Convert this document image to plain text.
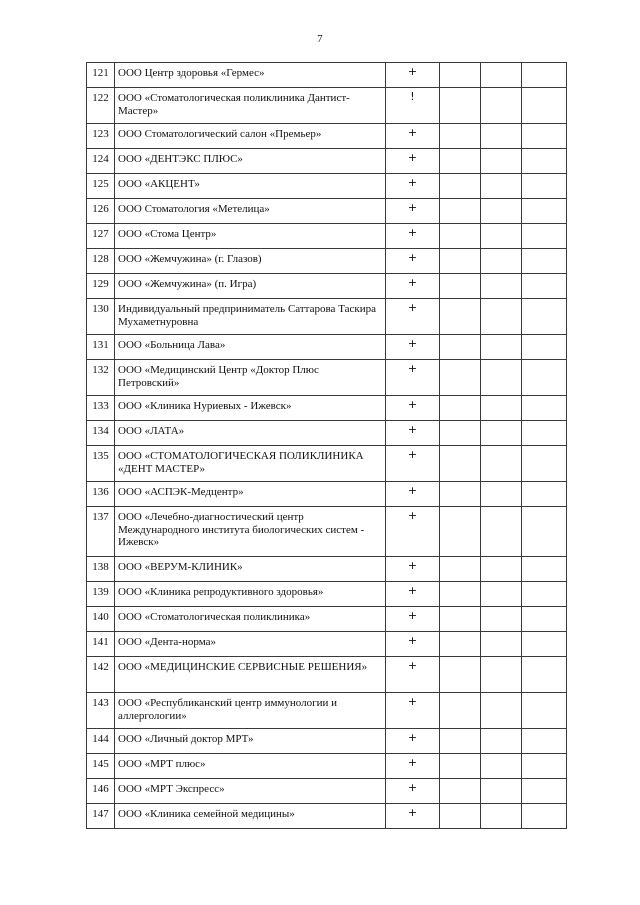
7
121	ООО Центр здоровья «Гермес»	+			
122	ООО «Стоматологическая поликлиника Дантист-Мастер»	!			
123	ООО Стоматологический салон «Премьер»	+			
124	ООО «ДЕНТЭКС ПЛЮС»	+			
125	ООО «АКЦЕНТ»	+			
126	ООО Стоматология «Метелица»	+			
127	ООО «Стома Центр»	+			
128	ООО «Жемчужина» (г. Глазов)	+			
129	ООО «Жемчужина» (п. Игра)	+			
130	Индивидуальный предприниматель Саттарова Таскира Мухаметнуровна	+			
131	ООО «Больница Лава»	+			
132	ООО «Медицинский Центр «Доктор Плюс Петровский»	+			
133	ООО «Клиника Нуриевых - Ижевск»	+			
134	ООО «ЛАТА»	+			
135	ООО «СТОМАТОЛОГИЧЕСКАЯ ПОЛИКЛИНИКА «ДЕНТ МАСТЕР»	+			
136	ООО «АСПЭК-Медцентр»	+			
137	ООО «Лечебно-диагностический центр Международного института биологических систем - Ижевск»	+			
138	ООО «ВЕРУМ-КЛИНИК»	+			
139	ООО «Клиника репродуктивного здоровья»	+			
140	ООО «Стоматологическая поликлиника»	+			
141	ООО «Дента-норма»	+			
142	ООО «МЕДИЦИНСКИЕ СЕРВИСНЫЕ РЕШЕНИЯ»	+			
143	ООО «Республиканский центр иммунологии и аллергологии»	+			
144	ООО «Личный доктор МРТ»	+			
145	ООО «МРТ плюс»	+			
146	ООО «МРТ Экспресс»	+			
147	ООО «Клиника семейной медицины»	+			
